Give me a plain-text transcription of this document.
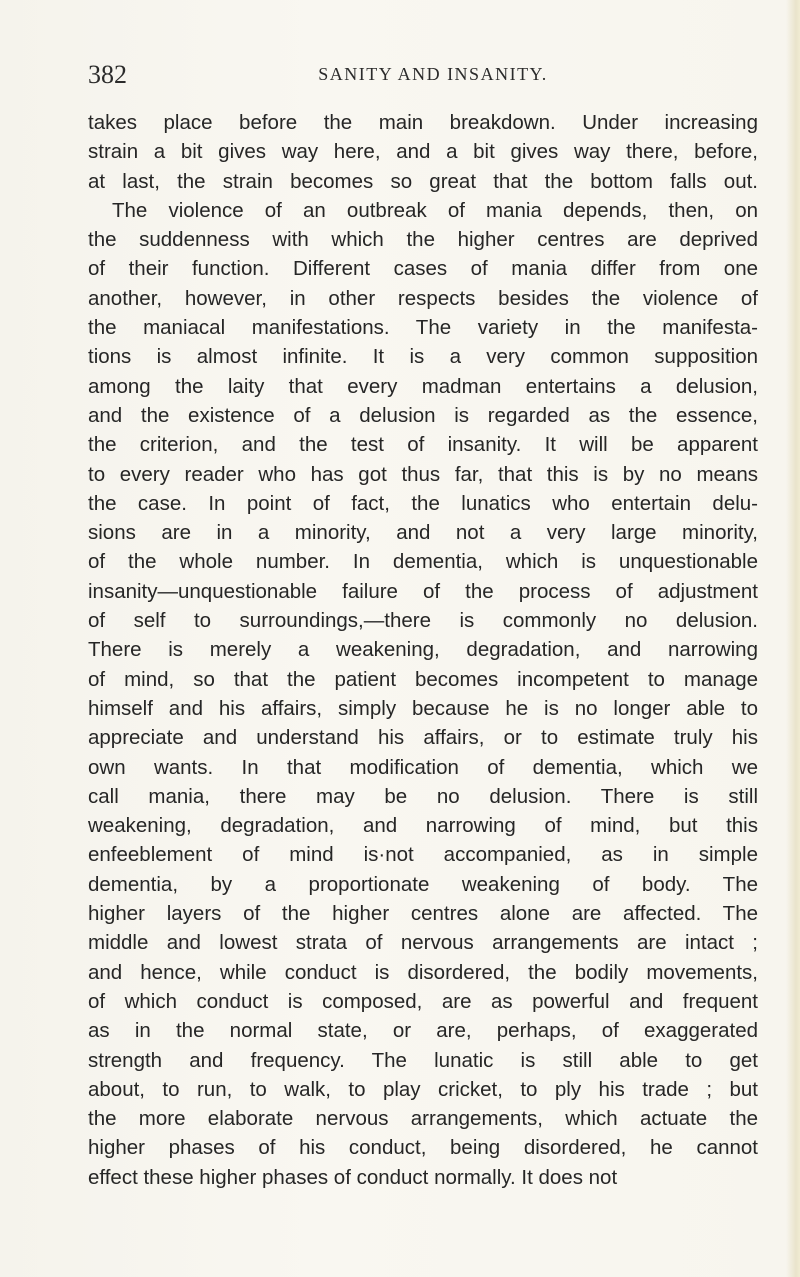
382	SANITY AND INSANITY.
takes place before the main breakdown. Under increasing
strain a bit gives way here, and a bit gives way there, before,
at last, the strain becomes so great that the bottom falls out.
The violence of an outbreak of mania depends, then, on
the suddenness with which the higher centres are deprived
of their function. Different cases of mania differ from one
another, however, in other respects besides the violence of
the maniacal manifestations. The variety in the manifesta-
tions is almost infinite. It is a very common supposition
among the laity that every madman entertains a delusion,
and the existence of a delusion is regarded as the essence,
the criterion, and the test of insanity. It will be apparent
to every reader who has got thus far, that this is by no means
the case. In point of fact, the lunatics who entertain delu-
sions are in a minority, and not a very large minority,
of the whole number. In dementia, which is unquestionable
insanity—unquestionable failure of the process of adjustment
of self to surroundings,—there is commonly no delusion.
There is merely a weakening, degradation, and narrowing
of mind, so that the patient becomes incompetent to manage
himself and his affairs, simply because he is no longer able to
appreciate and understand his affairs, or to estimate truly his
own wants. In that modification of dementia, which we
call mania, there may be no delusion. There is still
weakening, degradation, and narrowing of mind, but this
enfeeblement of mind is·not accompanied, as in simple
dementia, by a proportionate weakening of body. The
higher layers of the higher centres alone are affected. The
middle and lowest strata of nervous arrangements are intact ;
and hence, while conduct is disordered, the bodily movements,
of which conduct is composed, are as powerful and frequent
as in the normal state, or are, perhaps, of exaggerated
strength and frequency. The lunatic is still able to get
about, to run, to walk, to play cricket, to ply his trade ; but
the more elaborate nervous arrangements, which actuate the
higher phases of his conduct, being disordered, he cannot
effect these higher phases of conduct normally. It does not
